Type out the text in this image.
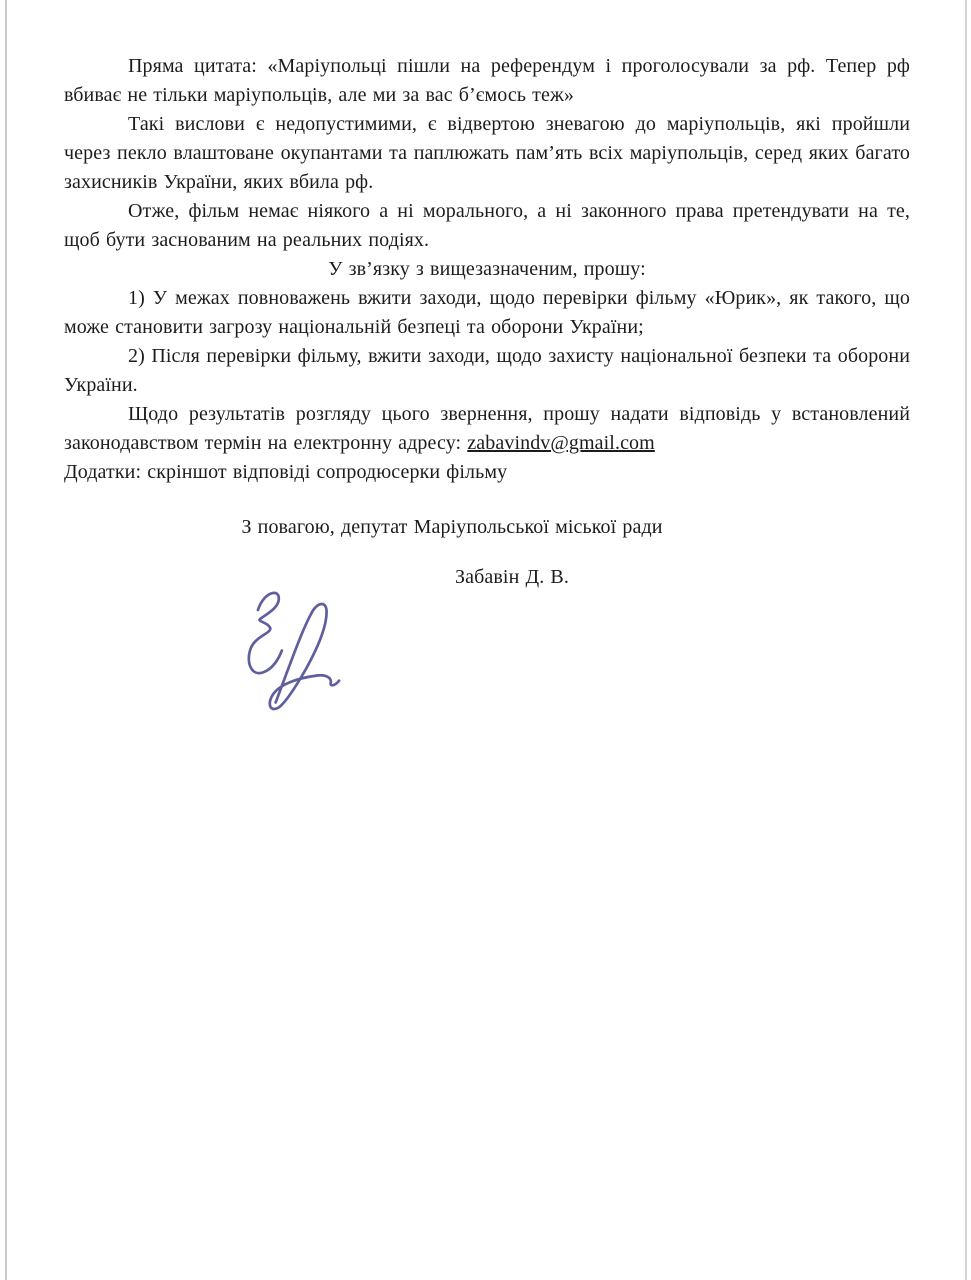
Пряма цитата: «Маріупольці пішли на референдум і проголосували за рф. Тепер рф вбиває не тільки маріупольців, але ми за вас б’ємось теж»

Такі вислови є недопустимими, є відвертою зневагою до маріупольців, які пройшли через пекло влаштоване окупантами та паплюжать пам’ять всіх маріупольців, серед яких багато захисників України, яких вбила рф.

Отже, фільм немає ніякого а ні морального, а ні законного права претендувати на те, щоб бути заснованим на реальних подіях.

У зв’язку з вищезазначеним, прошу:

1) У межах повноважень вжити заходи, щодо перевірки фільму «Юрик», як такого, що може становити загрозу національній безпеці та оборони України;

2) Після перевірки фільму, вжити заходи, щодо захисту національної безпеки та оборони України.

Щодо результатів розгляду цього звернення, прошу надати відповідь у встановлений законодавством термін на електронну адресу: zabavindv@gmail.com

Додатки: скріншот відповіді сопродюсерки фільму

З повагою, депутат Маріупольської міської ради

Забавін Д. В.
